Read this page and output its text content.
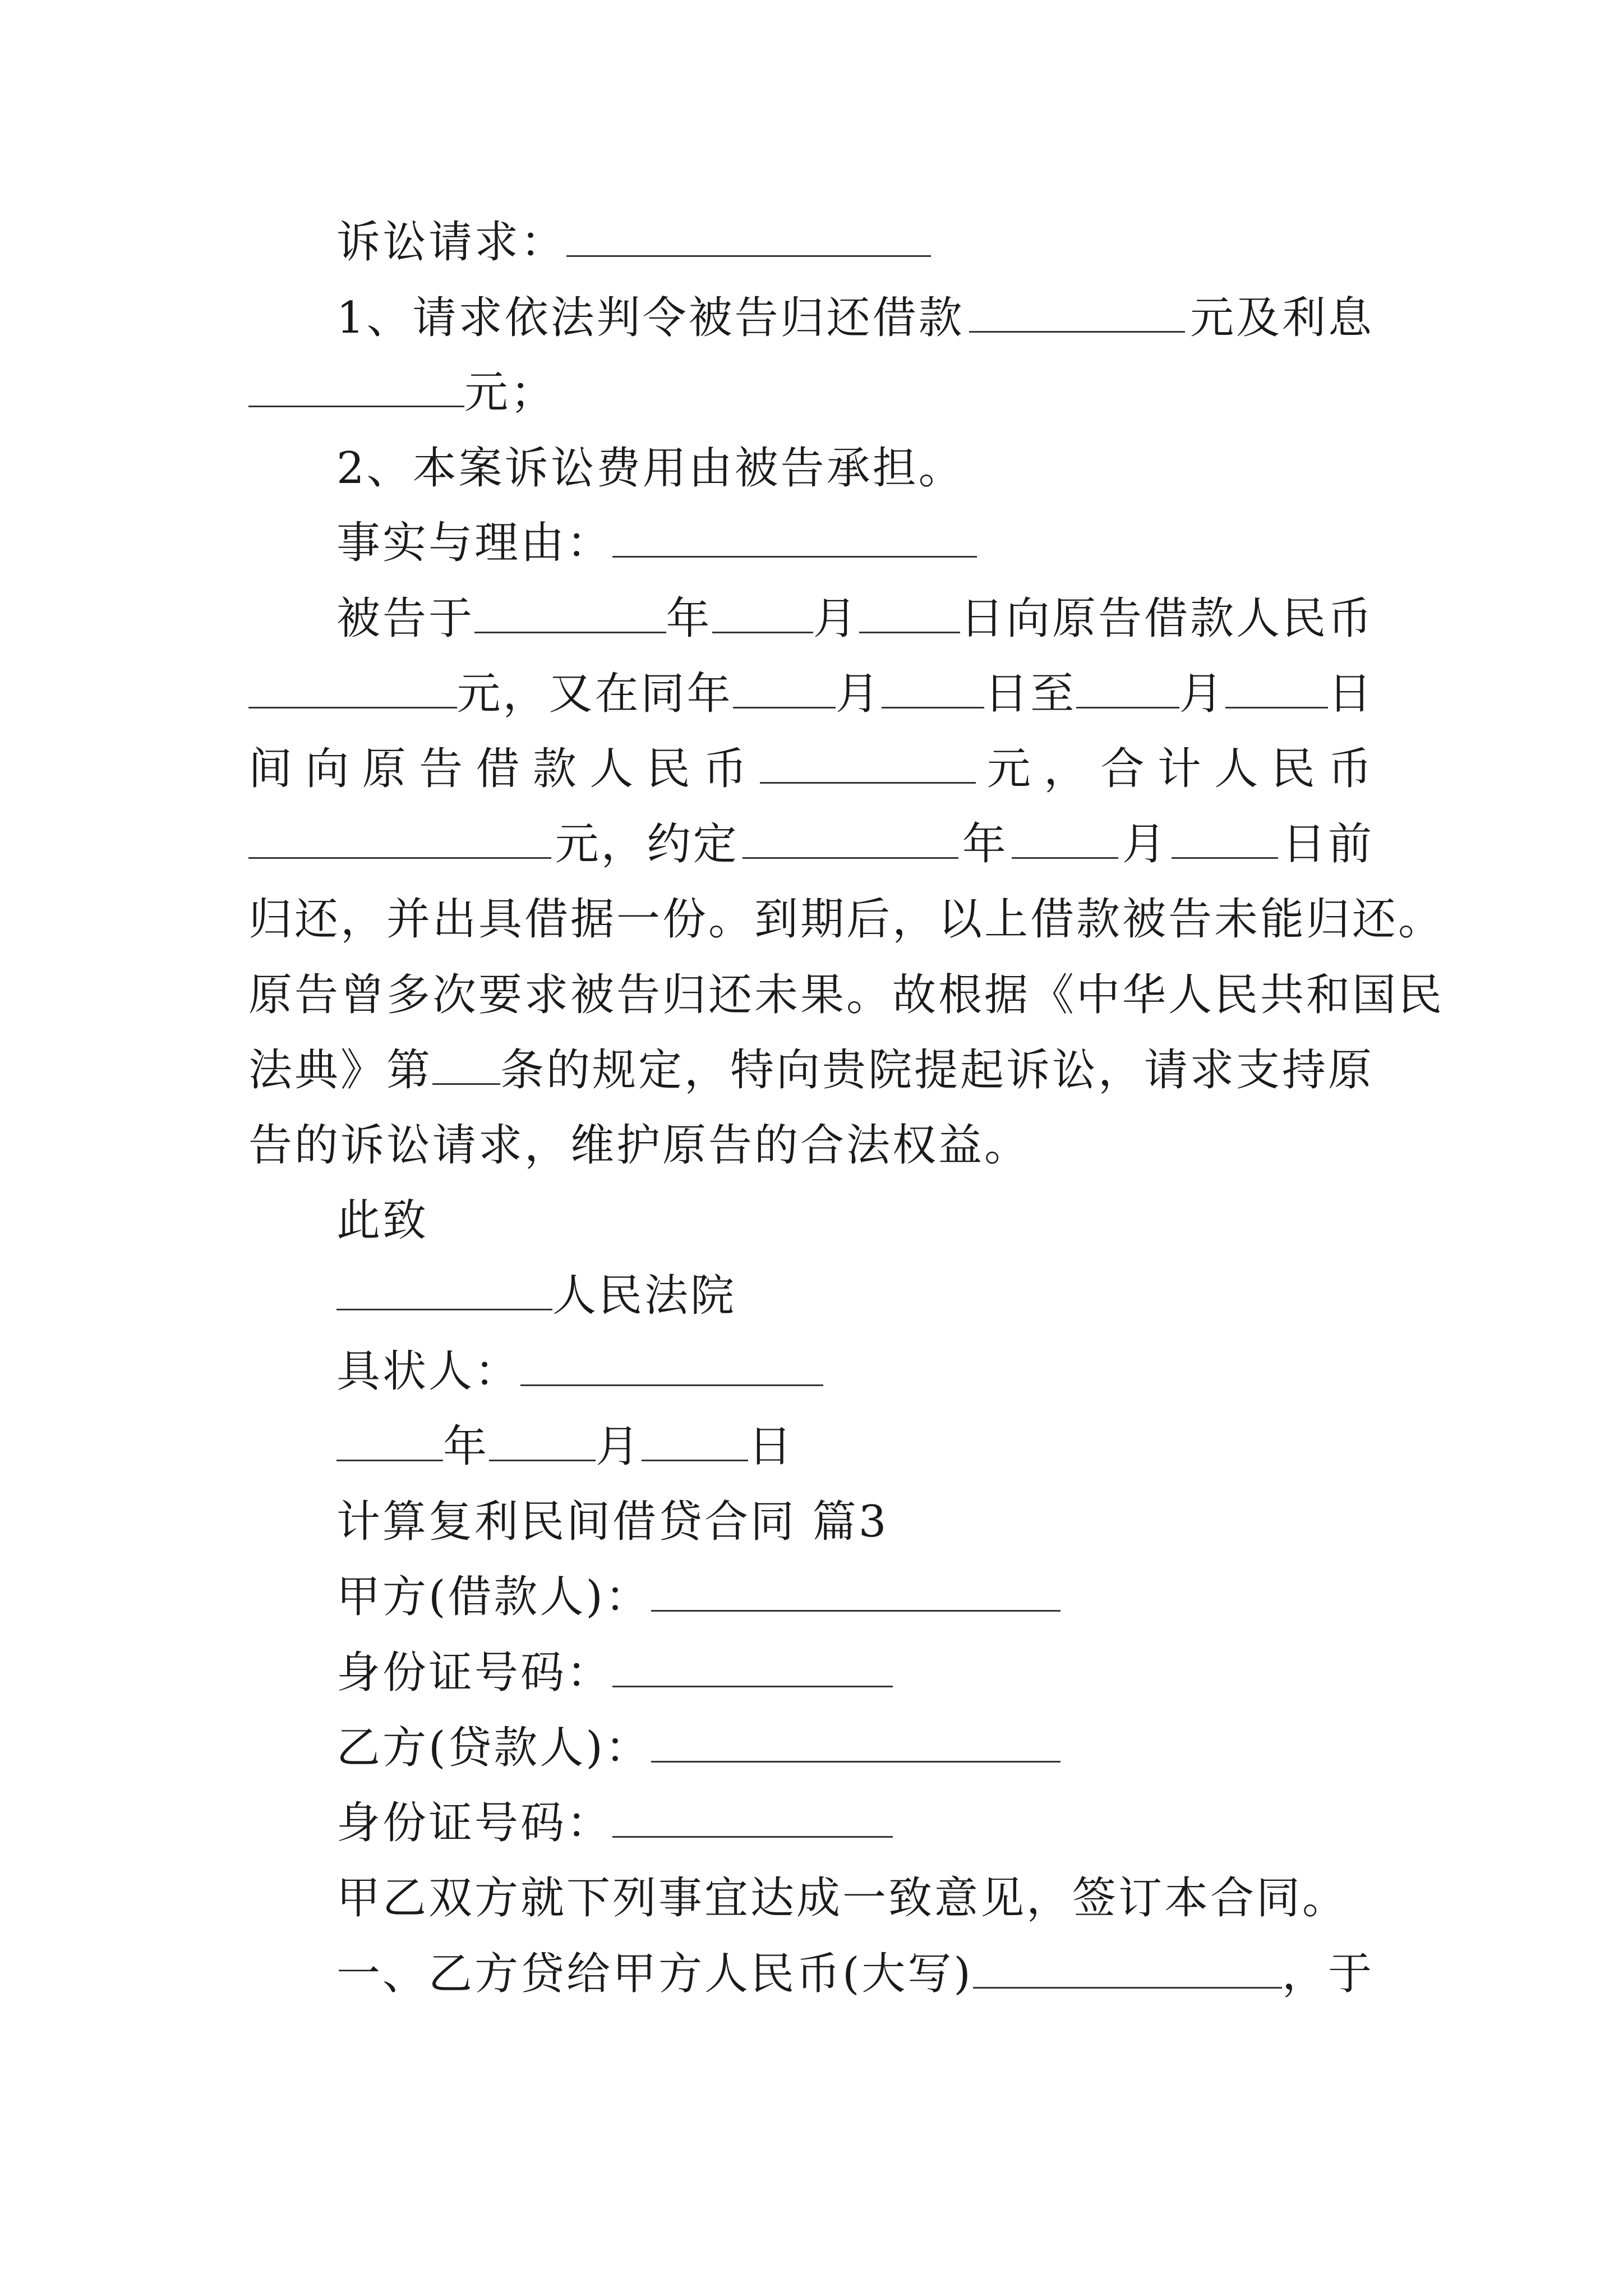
诉讼请求：
1、请求依法判令被告归还借款	元及利息
元；
2、本案诉讼费用由被告承担。
事实与理由：
被告于	年 月 日向原告借款人民币
元，又在同年 月 日至 月 日
间 向 原 告 借 款 人 民 币	元 ， 合 计 人 民 币
元，约定	年	月	日前
归还，并出具借据一份。到期后，以上借款被告未能归还。
原告曾多次要求被告归还未果。故根据《中华人民共和国民
法典》第 条的规定，特向贵院提起诉讼，请求支持原
告的诉讼请求，维护原告的合法权益。
此致
人民法院
具状人：
年 月 日
计算复利民间借贷合同 篇3
甲方(借款人)：
身份证号码：
乙方(贷款人)：
身份证号码：
甲乙双方就下列事宜达成一致意见，签订本合同。
一、乙方贷给甲方人民币(大写)	，于
